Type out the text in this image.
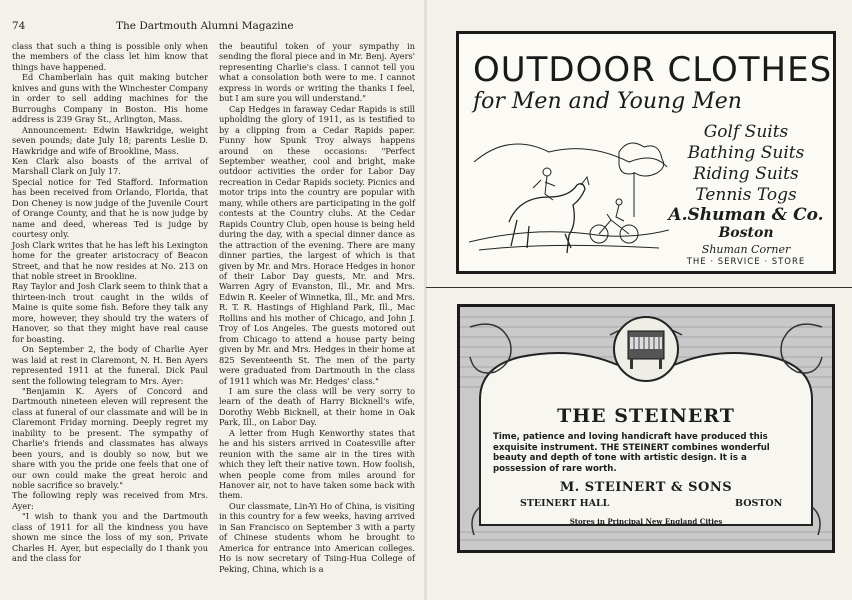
74	The Dartmouth Alumni Magazine

class that such a thing is possible only when the members of the class let him know that things have happened.

Ed Chamberlain has quit making butcher knives and guns with the Winchester Company in order to sell adding machines for the Burroughs Company in Boston. His home address is 239 Gray St., Arlington, Mass.

Announcement: Edwin Hawkridge, weight seven pounds; date July 18; parents Leslie D. Hawkridge and wife of Brookline, Mass.

Ken Clark also boasts of the arrival of Marshall Clark on July 17.

Special notice for Ted Stafford. Information has been received from Orlando, Florida, that Don Cheney is now judge of the Juvenile Court of Orange County, and that he is now judge by name and deed, whereas Ted is judge by courtesy only.

Josh Clark writes that he has left his Lexington home for the greater aristocracy of Beacon Street, and that he now resides at No. 213 on that noble street in Brookline.

Ray Taylor and Josh Clark seem to think that a thirteen-inch trout caught in the wilds of Maine is quite some fish. Before they talk any more, however, they should try the waters of Hanover, so that they might have real cause for boasting.

On September 2, the body of Charlie Ayer was laid at rest in Claremont, N. H. Ben Ayers represented 1911 at the funeral. Dick Paul sent the following telegram to Mrs. Ayer:

"Benjamin K. Ayers of Concord and Dartmouth nineteen eleven will represent the class at funeral of our classmate and will be in Claremont Friday morning. Deeply regret my inability to be present. The sympathy of Charlie's friends and classmates has always been yours, and is doubly so now, but we share with you the pride one feels that one of our own could make the great heroic and noble sacrifice so bravely."

The following reply was received from Mrs. Ayer:

"I wish to thank you and the Dartmouth class of 1911 for all the kindness you have shown me since the loss of my son, Private Charles H. Ayer, but especially do I thank you and the class for

the beautiful token of your sympathy in sending the floral piece and in Mr. Benj. Ayers' representing Charlie's class. I cannot tell you what a consolation both were to me. I cannot express in words or writing the thanks I feel, but I am sure you will understand."

Cap Hedges in faraway Cedar Rapids is still upholding the glory of 1911, as is testified to by a clipping from a Cedar Rapids paper. Funny how Spunk Troy always happens around on these occasions: "Perfect September weather, cool and bright, make outdoor activities the order for Labor Day recreation in Cedar Rapids society. Picnics and motor trips into the country are popular with many, while others are participating in the golf contests at the Country clubs. At the Cedar Rapids Country Club, open house is being held during the day, with a special dinner dance as the attraction of the evening. There are many dinner parties, the largest of which is that given by Mr. and Mrs. Horace Hedges in honor of their Labor Day guests, Mr. and Mrs. Warren Agry of Evanston, Ill., Mr. and Mrs. Edwin R. Keeler of Winnetka, Ill., Mr. and Mrs. R. T. R. Hastings of Highland Park, Ill., Mac Rollins and his mother of Chicago, and John J. Troy of Los Angeles. The guests motored out from Chicago to attend a house party being given by Mr. and Mrs. Hedges in their home at 825 Seventeenth St. The men of the party were graduated from Dartmouth in the class of 1911 which was Mr. Hedges' class."

I am sure the class will be very sorry to learn of the death of Harry Bicknell's wife, Dorothy Webb Bicknell, at their home in Oak Park, Ill., on Labor Day.

A letter from Hugh Kenworthy states that he and his sisters arrived in Coatesville after reunion with the same air in the tires with which they left their native town. How foolish, when people come from miles around for Hanover air, not to have taken some back with them.

Our classmate, Lin-Yi Ho of China, is visiting in this country for a few weeks, having arrived in San Francisco on September 3 with a party of Chinese students whom he brought to America for entrance into American colleges. Ho is now secretary of Tsing-Hua College of Peking, China, which is a

OUTDOOR CLOTHES
for Men and Young Men
Golf Suits
Bathing Suits
Riding Suits
Tennis Togs
A.Shuman & Co.
Boston
Shuman Corner
THE · SERVICE · STORE
THE STEINERT
Time, patience and loving handicraft have produced this exquisite instrument. THE STEINERT combines wonderful beauty and depth of tone with artistic design. It is a possession of rare worth.
M. STEINERT & SONS
STEINERT HALL	BOSTON
Stores in Principal New England Cities
